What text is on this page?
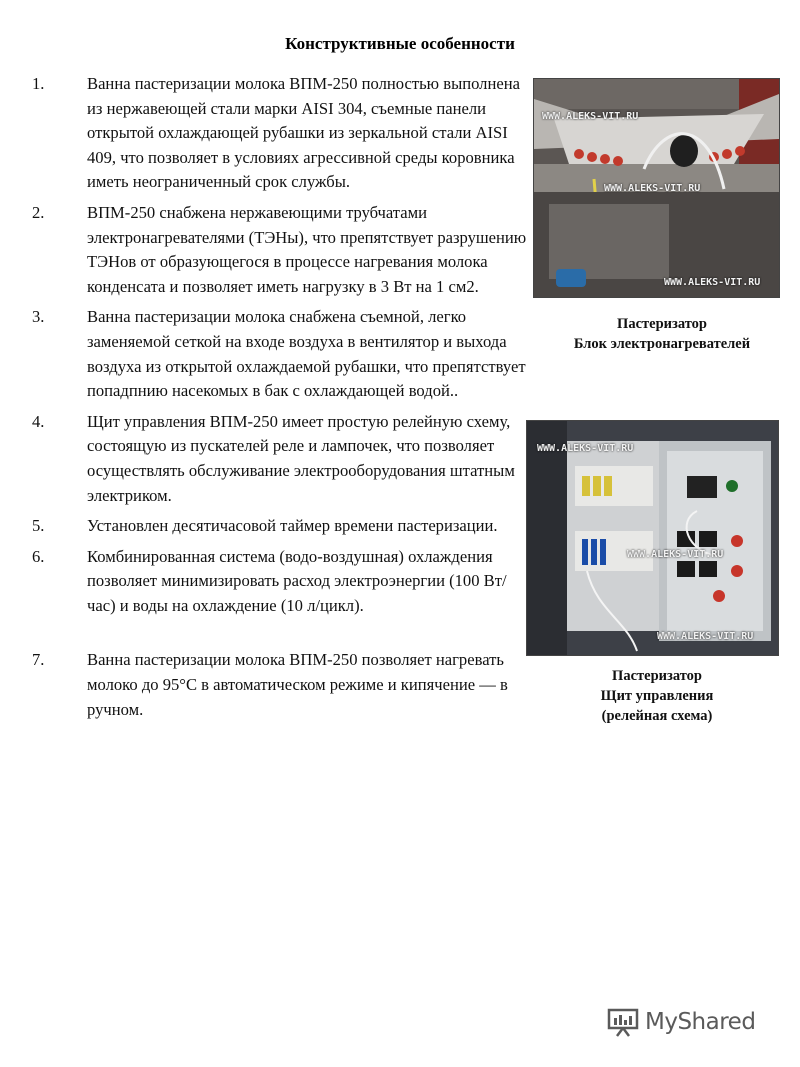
Конструктивные особенности
1.	Ванна пастеризации молока ВПМ-250 полностью выполнена из нержавеющей стали марки AISI 304, съемные панели открытой охлаждающей рубашки из зеркальной стали AISI 409, что позволяет в условиях агрессивной среды коровника иметь неограниченный срок службы.
2.	ВПМ-250 снабжена нержавеющими трубчатами электронагревателями (ТЭНы), что препятствует разрушению ТЭНов от образующегося в процессе нагревания молока конденсата и позволяет иметь нагрузку в 3 Вт на 1 см2.
3.	Ванна пастеризации молока снабжена съемной, легко заменяемой сеткой на входе воздуха в вентилятор и выхода воздуха из открытой охлаждаемой рубашки, что препятствует попадпнию насекомых в бак с охлаждающей водой..
4.	Щит управления ВПМ-250 имеет простую релейную схему, состоящую из пускателей реле и лампочек, что позволяет осуществлять обслуживание электрооборудования штатным электриком.
5.	Установлен десятичасовой таймер времени пастеризации.
6.	Комбинированная система (водо-воздушная) охлаждения позволяет минимизировать расход электроэнергии (100 Вт/час) и воды на охлаждение (10 л/цикл).
7.	Ванна пастеризации молока ВПМ-250 позволяет нагревать молоко до 95°С в автоматическом режиме и кипячение — в ручном.
WWW.ALEKS-VIT.RU
WWW.ALEKS-VIT.RU
WWW.ALEKS-VIT.RU
Пастеризатор
Блок электронагревателей
WWW.ALEKS-VIT.RU
WWW.ALEKS-VIT.RU
WWW.ALEKS-VIT.RU
Пастеризатор
Щит управления
(релейная схема)
MyShared
